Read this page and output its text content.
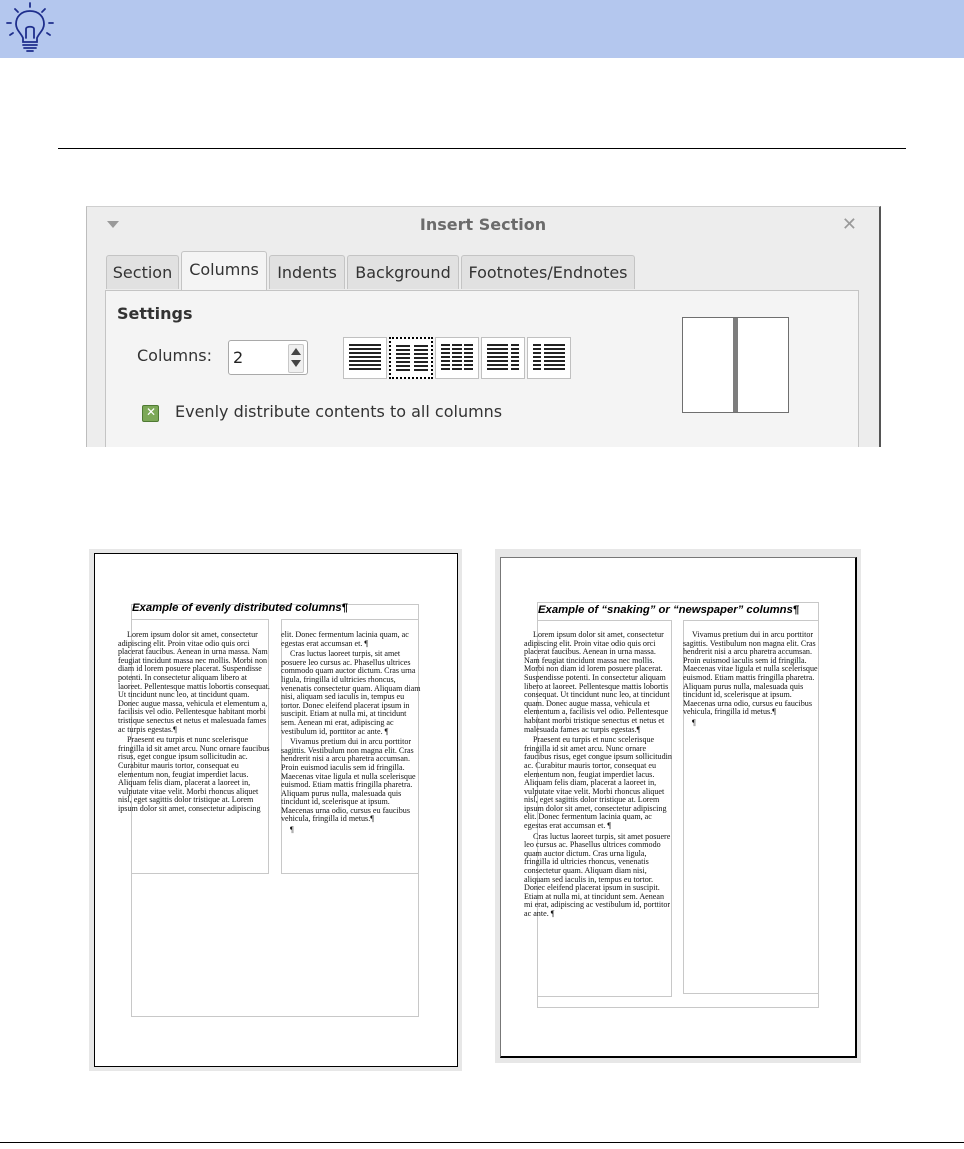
Insert Section	✕
Section	Columns	Indents	Background	Footnotes/Endnotes
Settings
Columns: 2
✕ Evenly distribute contents to all columns
Example of evenly distributed columns¶

Lorem ipsum dolor sit amet, consectetur adipiscing elit. Proin vitae odio quis orci placerat faucibus. Aenean in urna massa. Nam feugiat tincidunt massa nec mollis. Morbi non diam id lorem posuere placerat. Suspendisse potenti. In consectetur aliquam libero at laoreet. Pellentesque mattis lobortis consequat. Ut tincidunt nunc leo, at tincidunt quam. Donec augue massa, vehicula et elementum a, facilisis vel odio. Pellentesque habitant morbi tristique senectus et netus et malesuada fames ac turpis egestas.¶

Praesent eu turpis et nunc scelerisque fringilla id sit amet arcu. Nunc ornare faucibus risus, eget congue ipsum sollicitudin ac. Curabitur mauris tortor, consequat eu elementum non, feugiat imperdiet lacus. Aliquam felis diam, placerat a laoreet in, vulputate vitae velit. Morbi rhoncus aliquet nisl, eget sagittis dolor tristique at. Lorem ipsum dolor sit amet, consectetur adipiscing

elit. Donec fermentum lacinia quam, ac egestas erat accumsan et. ¶

Cras luctus laoreet turpis, sit amet posuere leo cursus ac. Phasellus ultrices commodo quam auctor dictum. Cras urna ligula, fringilla id ultricies rhoncus, venenatis consectetur quam. Aliquam diam nisi, aliquam sed iaculis in, tempus eu tortor. Donec eleifend placerat ipsum in suscipit. Etiam at nulla mi, at tincidunt sem. Aenean mi erat, adipiscing ac vestibulum id, porttitor ac ante. ¶

Vivamus pretium dui in arcu porttitor sagittis. Vestibulum non magna elit. Cras hendrerit nisi a arcu pharetra accumsan. Proin euismod iaculis sem id fringilla. Maecenas vitae ligula et nulla scelerisque euismod. Etiam mattis fringilla pharetra. Aliquam purus nulla, malesuada quis tincidunt id, scelerisque at ipsum. Maecenas urna odio, cursus eu faucibus vehicula, fringilla id metus.¶

¶

Example of “snaking” or “newspaper” columns¶

Lorem ipsum dolor sit amet, consectetur adipiscing elit. Proin vitae odio quis orci placerat faucibus. Aenean in urna massa. Nam feugiat tincidunt massa nec mollis. Morbi non diam id lorem posuere placerat. Suspendisse potenti. In consectetur aliquam libero at laoreet. Pellentesque mattis lobortis consequat. Ut tincidunt nunc leo, at tincidunt quam. Donec augue massa, vehicula et elementum a, facilisis vel odio. Pellentesque habitant morbi tristique senectus et netus et malesuada fames ac turpis egestas.¶

Praesent eu turpis et nunc scelerisque fringilla id sit amet arcu. Nunc ornare faucibus risus, eget congue ipsum sollicitudin ac. Curabitur mauris tortor, consequat eu elementum non, feugiat imperdiet lacus. Aliquam felis diam, placerat a laoreet in, vulputate vitae velit. Morbi rhoncus aliquet nisl, eget sagittis dolor tristique at. Lorem ipsum dolor sit amet, consectetur adipiscing elit. Donec fermentum lacinia quam, ac egestas erat accumsan et. ¶

Cras luctus laoreet turpis, sit amet posuere leo cursus ac. Phasellus ultrices commodo quam auctor dictum. Cras urna ligula, fringilla id ultricies rhoncus, venenatis consectetur quam. Aliquam diam nisi, aliquam sed iaculis in, tempus eu tortor. Donec eleifend placerat ipsum in suscipit. Etiam at nulla mi, at tincidunt sem. Aenean mi erat, adipiscing ac vestibulum id, porttitor ac ante. ¶

Vivamus pretium dui in arcu porttitor sagittis. Vestibulum non magna elit. Cras hendrerit nisi a arcu pharetra accumsan. Proin euismod iaculis sem id fringilla. Maecenas vitae ligula et nulla scelerisque euismod. Etiam mattis fringilla pharetra. Aliquam purus nulla, malesuada quis tincidunt id, scelerisque at ipsum. Maecenas urna odio, cursus eu faucibus vehicula, fringilla id metus.¶

¶
